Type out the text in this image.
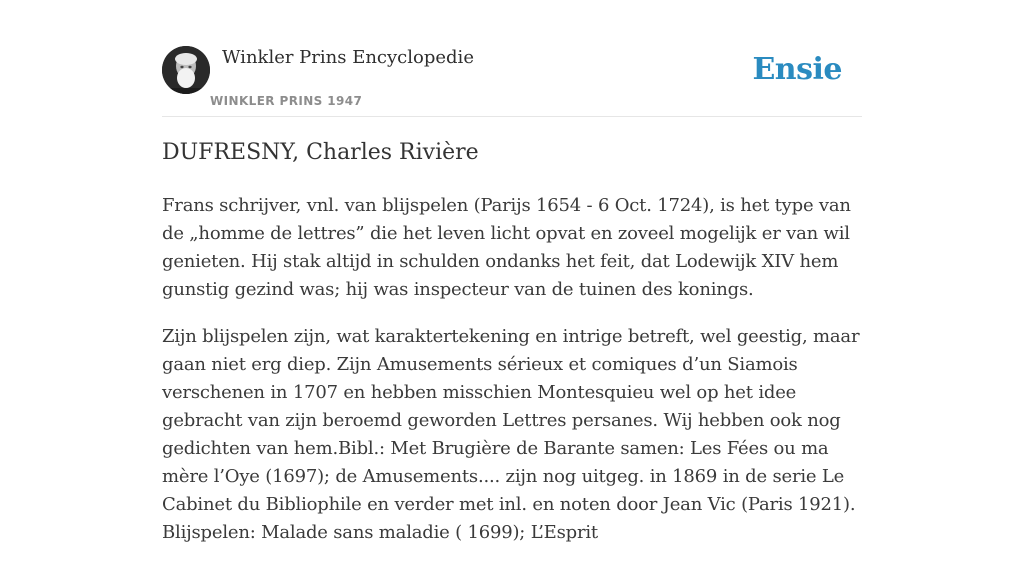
Winkler Prins Encyclopedie
WINKLER PRINS 1947
Ensie
DUFRESNY, Charles Rivière

Frans schrijver, vnl. van blijspelen (Parijs 1654 - 6 Oct. 1724), is het type van de „homme de lettres” die het leven licht opvat en zoveel mogelijk er van wil genieten. Hij stak altijd in schulden ondanks het feit, dat Lodewijk XIV hem gunstig gezind was; hij was inspecteur van de tuinen des konings.

Zijn blijspelen zijn, wat karaktertekening en intrige betreft, wel geestig, maar gaan niet erg diep. Zijn Amusements sérieux et comiques d’un Siamois verschenen in 1707 en hebben misschien Montesquieu wel op het idee gebracht van zijn beroemd geworden Lettres persanes. Wij hebben ook nog gedichten van hem.Bibl.: Met Brugière de Barante samen: Les Fées ou ma mère l’Oye (1697); de Amusements.... zijn nog uitgeg. in 1869 in de serie Le Cabinet du Bibliophile en verder met inl. en noten door Jean Vic (Paris 1921). Blijspelen: Malade sans maladie ( 1699); L’Esprit
